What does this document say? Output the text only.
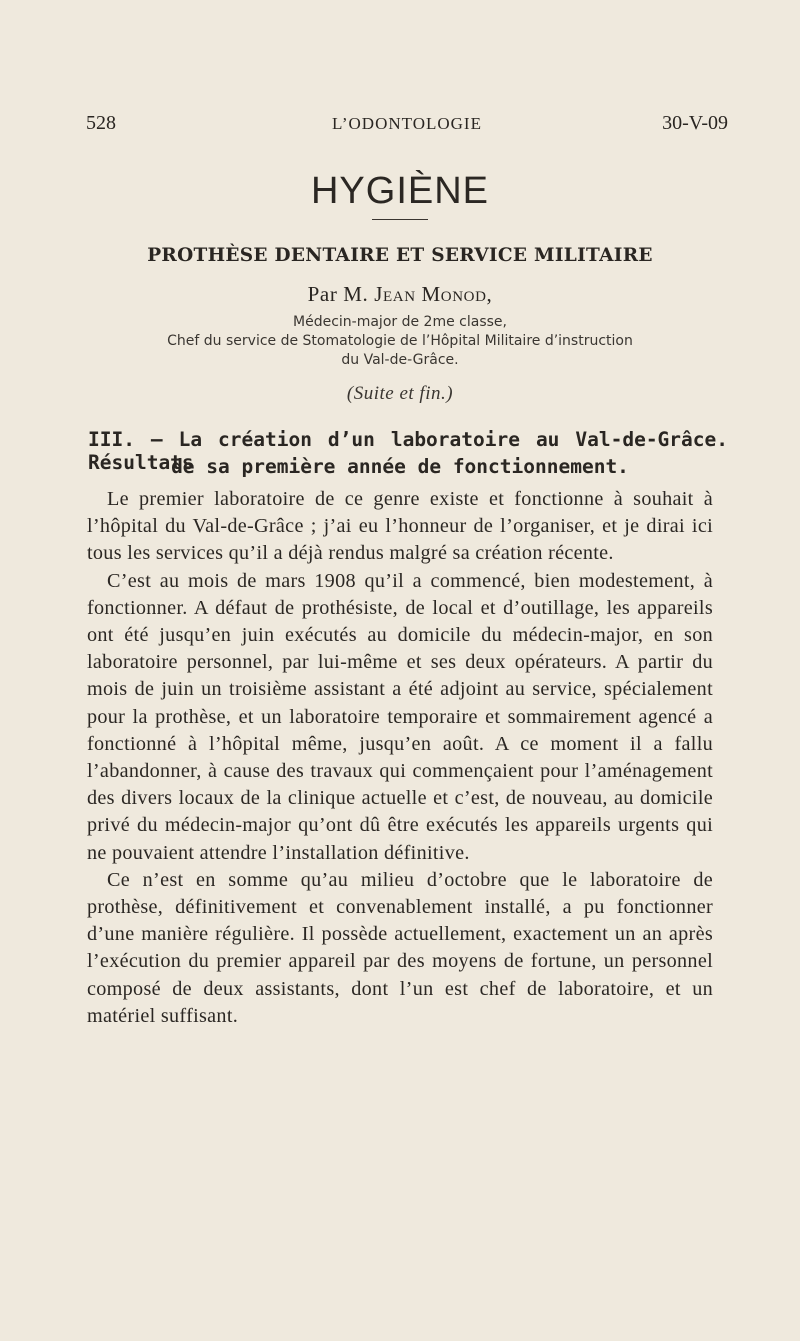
528	L’ODONTOLOGIE	30-V-09
HYGIÈNE
PROTHÈSE DENTAIRE ET SERVICE MILITAIRE
Par M. Jean Monod,
Médecin-major de 2me classe,
Chef du service de Stomatologie de l’Hôpital Militaire d’instruction
du Val-de-Grâce.
(Suite et fin.)
III. — La création d’un laboratoire au Val-de-Grâce. Résultats
de sa première année de fonctionnement.

Le premier laboratoire de ce genre existe et fonctionne à souhait à l’hôpital du Val-de-Grâce ; j’ai eu l’honneur de l’organiser, et je dirai ici tous les services qu’il a déjà rendus malgré sa création récente.

C’est au mois de mars 1908 qu’il a commencé, bien modestement, à fonctionner. A défaut de prothésiste, de local et d’outillage, les appareils ont été jusqu’en juin exécutés au domicile du médecin-major, en son laboratoire personnel, par lui-même et ses deux opérateurs. A partir du mois de juin un troisième assistant a été adjoint au service, spécialement pour la prothèse, et un laboratoire temporaire et sommairement agencé a fonctionné à l’hôpital même, jusqu’en août. A ce moment il a fallu l’abandonner, à cause des travaux qui commençaient pour l’aménagement des divers locaux de la clinique actuelle et c’est, de nouveau, au domicile privé du médecin-major qu’ont dû être exécutés les appareils urgents qui ne pouvaient attendre l’installation définitive.

Ce n’est en somme qu’au milieu d’octobre que le laboratoire de prothèse, définitivement et convenablement installé, a pu fonctionner d’une manière régulière. Il possède actuellement, exactement un an après l’exécution du premier appareil par des moyens de fortune, un personnel composé de deux assistants, dont l’un est chef de laboratoire, et un matériel suffisant.
